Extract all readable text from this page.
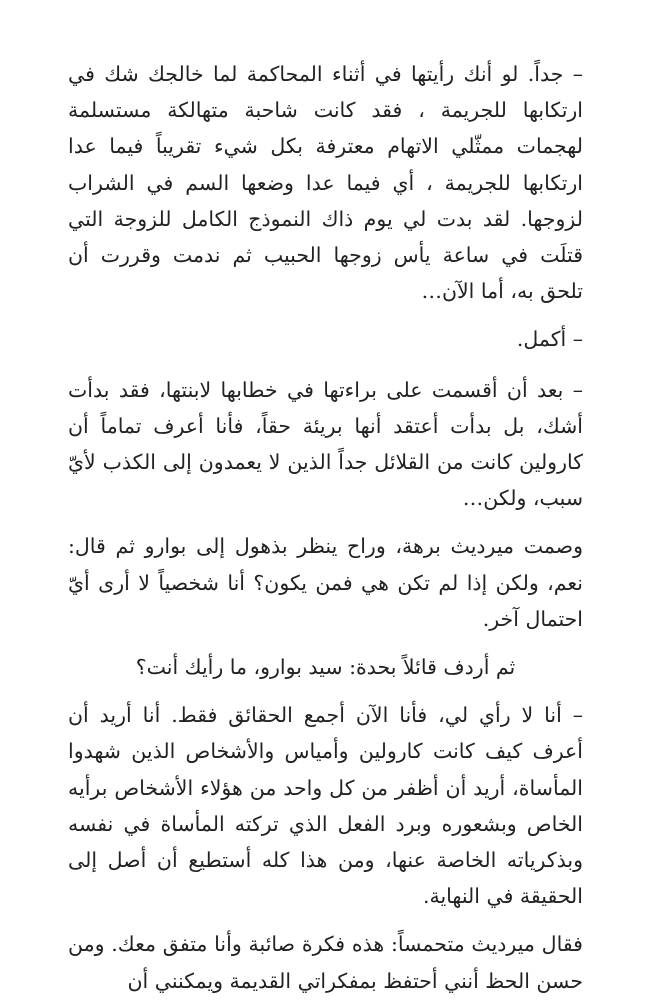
– جداً. لو أنك رأيتها في أثناء المحاكمة لما خالجك شك في ارتكابها للجريمة ، فقد كانت شاحبة متهالكة مستسلمة لهجمات ممثّلي الاتهام معترفة بكل شيء تقريباً فيما عدا ارتكابها للجريمة ، أي فيما عدا وضعها السم في الشراب لزوجها. لقد بدت لي يوم ذاك النموذج الكامل للزوجة التي قتلَت في ساعة يأس زوجها الحبيب ثم ندمت وقررت أن تلحق به، أما الآن…

– أكمل.

– بعد أن أقسمت على براءتها في خطابها لابنتها، فقد بدأت أشك، بل بدأت أعتقد أنها بريئة حقاً، فأنا أعرف تماماً أن كارولين كانت من القلائل جداً الذين لا يعمدون إلى الكذب لأيّ سبب، ولكن…

وصمت ميرديث برهة، وراح ينظر بذهول إلى بوارو ثم قال: نعم، ولكن إذا لم تكن هي فمن يكون؟ أنا شخصياً لا أرى أيّ احتمال آخر.

ثم أردف قائلاً بحدة: سيد بوارو، ما رأيك أنت؟

– أنا لا رأي لي، فأنا الآن أجمع الحقائق فقط. أنا أريد أن أعرف كيف كانت كارولين وأمياس والأشخاص الذين شهدوا المأساة، أريد أن أظفر من كل واحد من هؤلاء الأشخاص برأيه الخاص وبشعوره وبرد الفعل الذي تركته المأساة في نفسه وبذكرياته الخاصة عنها، ومن هذا كله أستطيع أن أصل إلى الحقيقة في النهاية.

فقال ميرديث متحمساً: هذه فكرة صائبة وأنا متفق معك. ومن حسن الحظ أنني أحتفظ بمفكراتي القديمة ويمكنني أن
